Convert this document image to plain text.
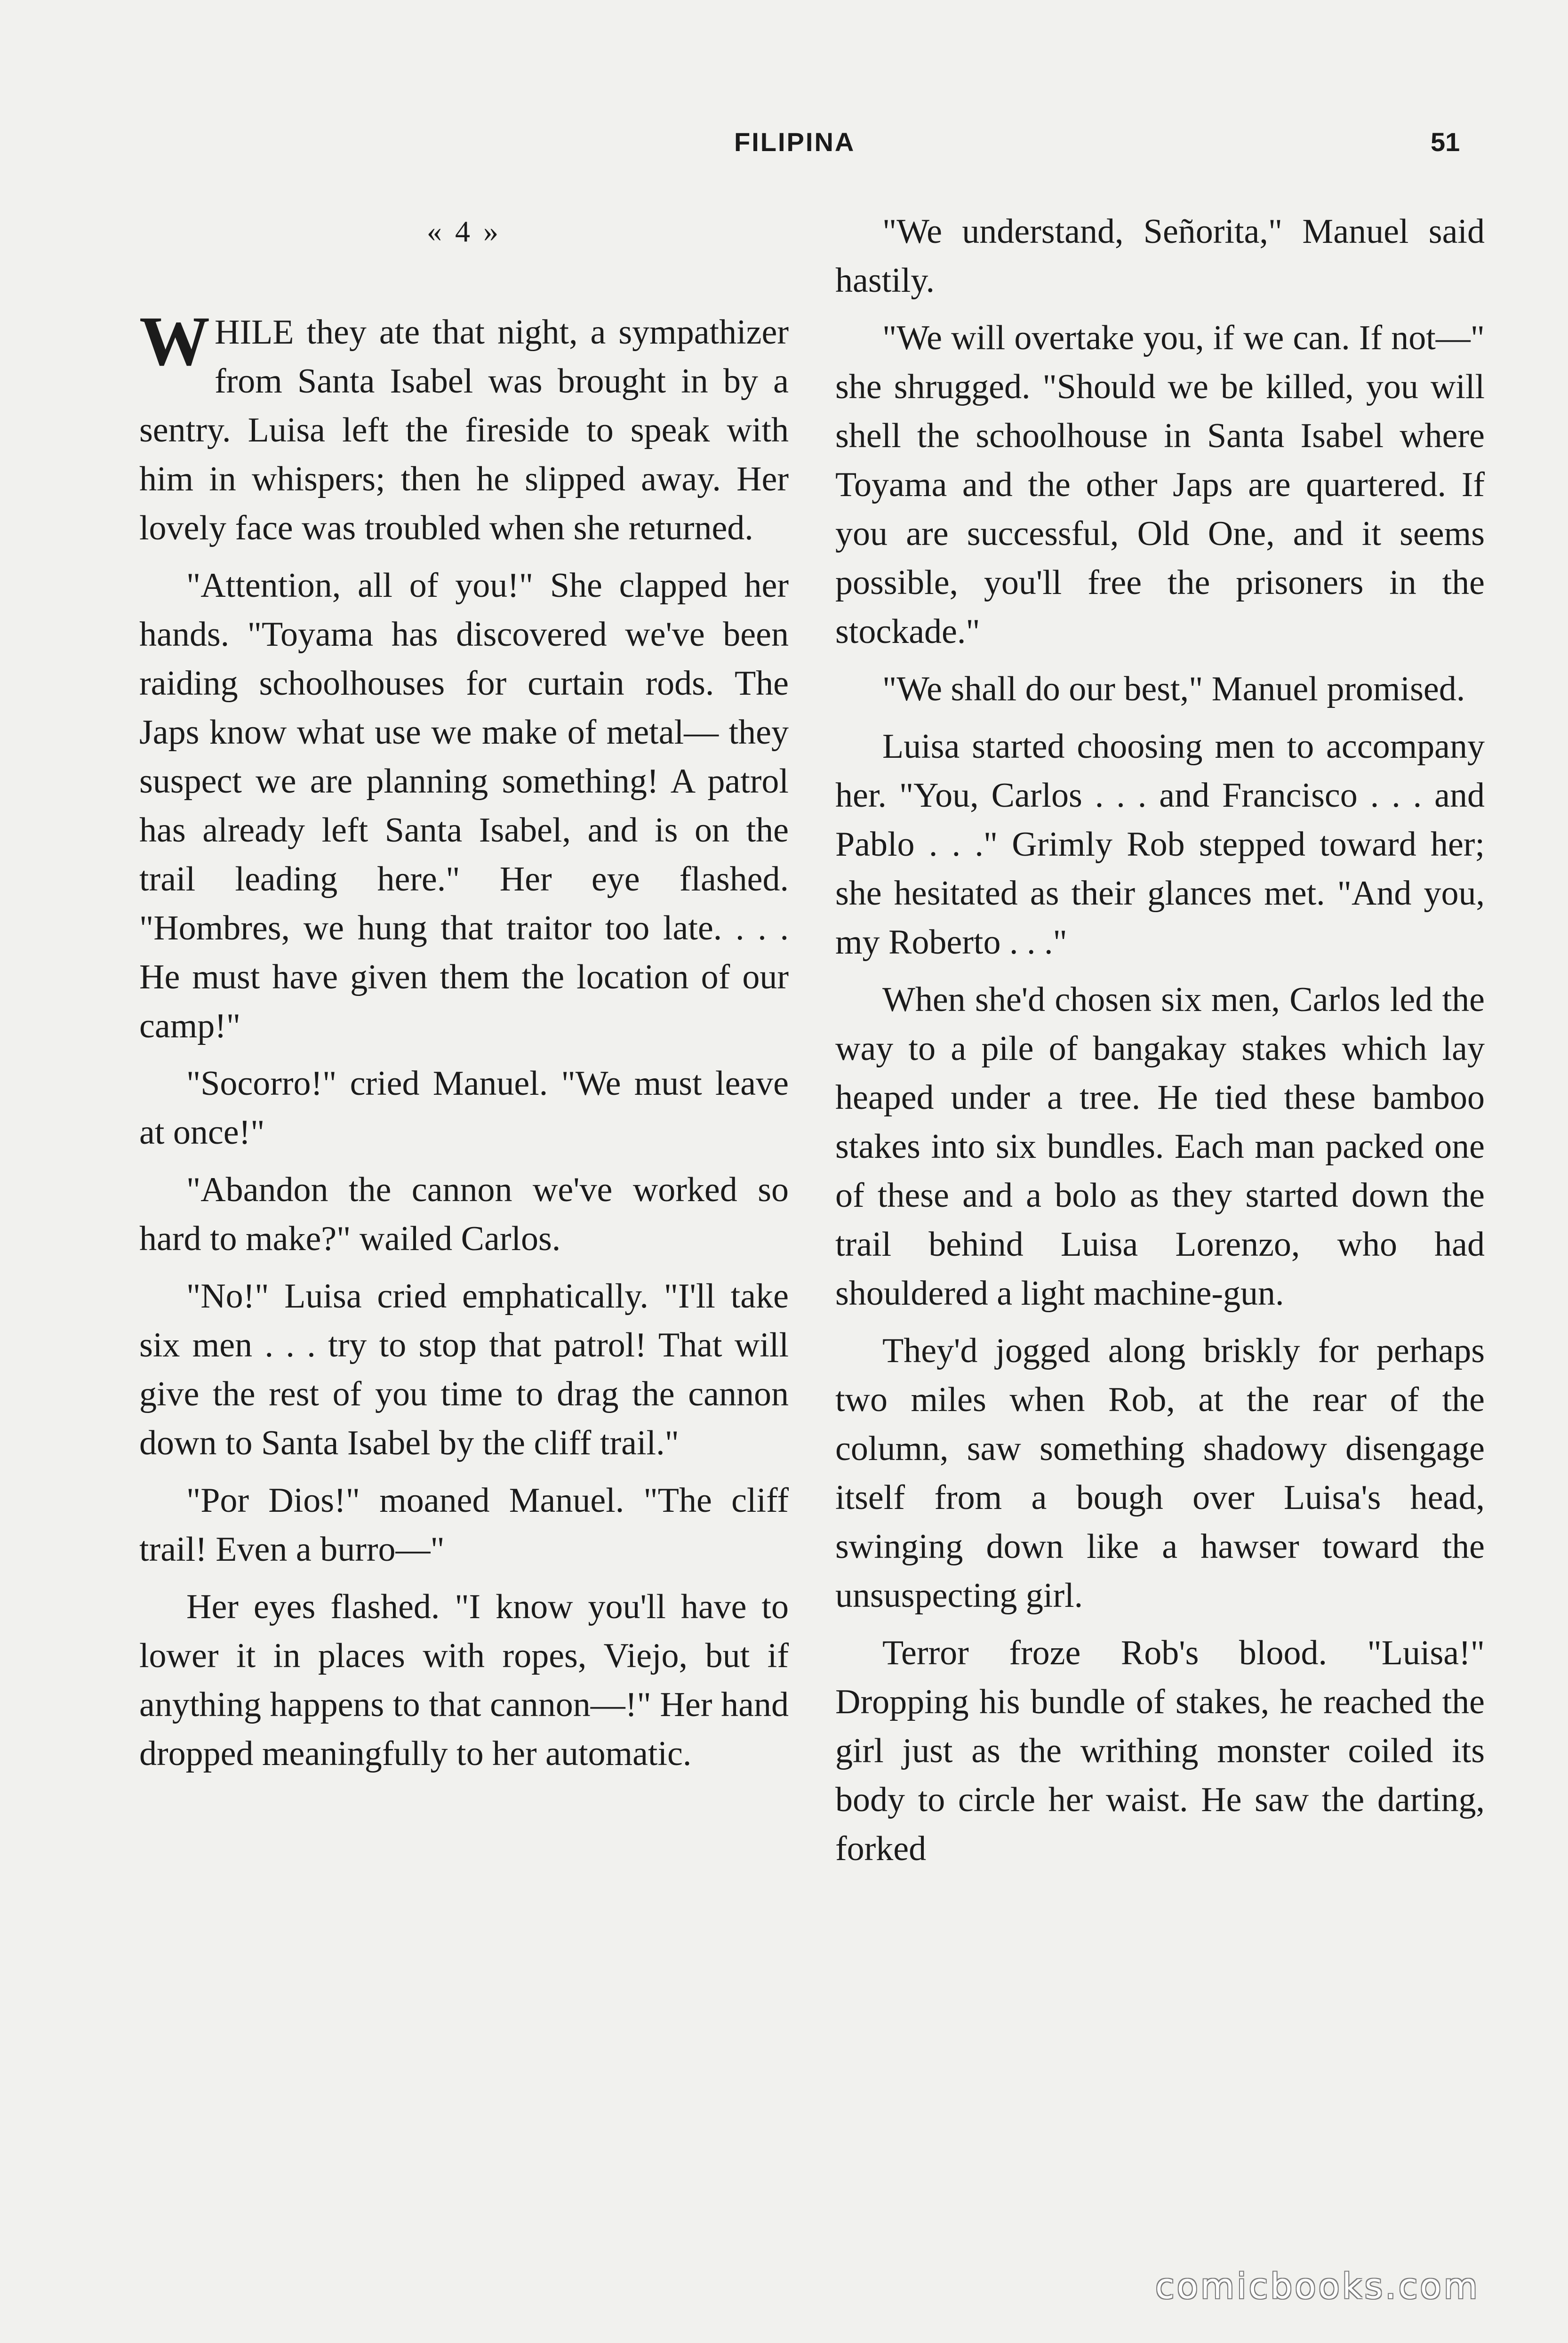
FILIPINA	51
« 4 »

WHILE they ate that night, a sympathizer from Santa Isabel was brought in by a sentry. Luisa left the fireside to speak with him in whispers; then he slipped away. Her lovely face was troubled when she returned.

"Attention, all of you!" She clapped her hands. "Toyama has discovered we've been raiding schoolhouses for curtain rods. The Japs know what use we make of metal— they suspect we are planning something! A patrol has already left Santa Isabel, and is on the trail leading here." Her eye flashed. "Hombres, we hung that traitor too late. . . . He must have given them the location of our camp!"

"Socorro!" cried Manuel. "We must leave at once!"

"Abandon the cannon we've worked so hard to make?" wailed Carlos.

"No!" Luisa cried emphatically. "I'll take six men . . . try to stop that patrol! That will give the rest of you time to drag the cannon down to Santa Isabel by the cliff trail."

"Por Dios!" moaned Manuel. "The cliff trail! Even a burro—"

Her eyes flashed. "I know you'll have to lower it in places with ropes, Viejo, but if anything happens to that cannon—!" Her hand dropped meaningfully to her automatic.

"We understand, Señorita," Manuel said hastily.

"We will overtake you, if we can. If not—" she shrugged. "Should we be killed, you will shell the schoolhouse in Santa Isabel where Toyama and the other Japs are quartered. If you are successful, Old One, and it seems possible, you'll free the prisoners in the stockade."

"We shall do our best," Manuel promised.

Luisa started choosing men to accompany her. "You, Carlos . . . and Francisco . . . and Pablo . . ." Grimly Rob stepped toward her; she hesitated as their glances met. "And you, my Roberto . . ."

When she'd chosen six men, Carlos led the way to a pile of bangakay stakes which lay heaped under a tree. He tied these bamboo stakes into six bundles. Each man packed one of these and a bolo as they started down the trail behind Luisa Lorenzo, who had shouldered a light machine-gun.

They'd jogged along briskly for perhaps two miles when Rob, at the rear of the column, saw something shadowy disengage itself from a bough over Luisa's head, swinging down like a hawser toward the unsuspecting girl.

Terror froze Rob's blood. "Luisa!" Dropping his bundle of stakes, he reached the girl just as the writhing monster coiled its body to circle her waist. He saw the darting, forked

comicbooks.com
